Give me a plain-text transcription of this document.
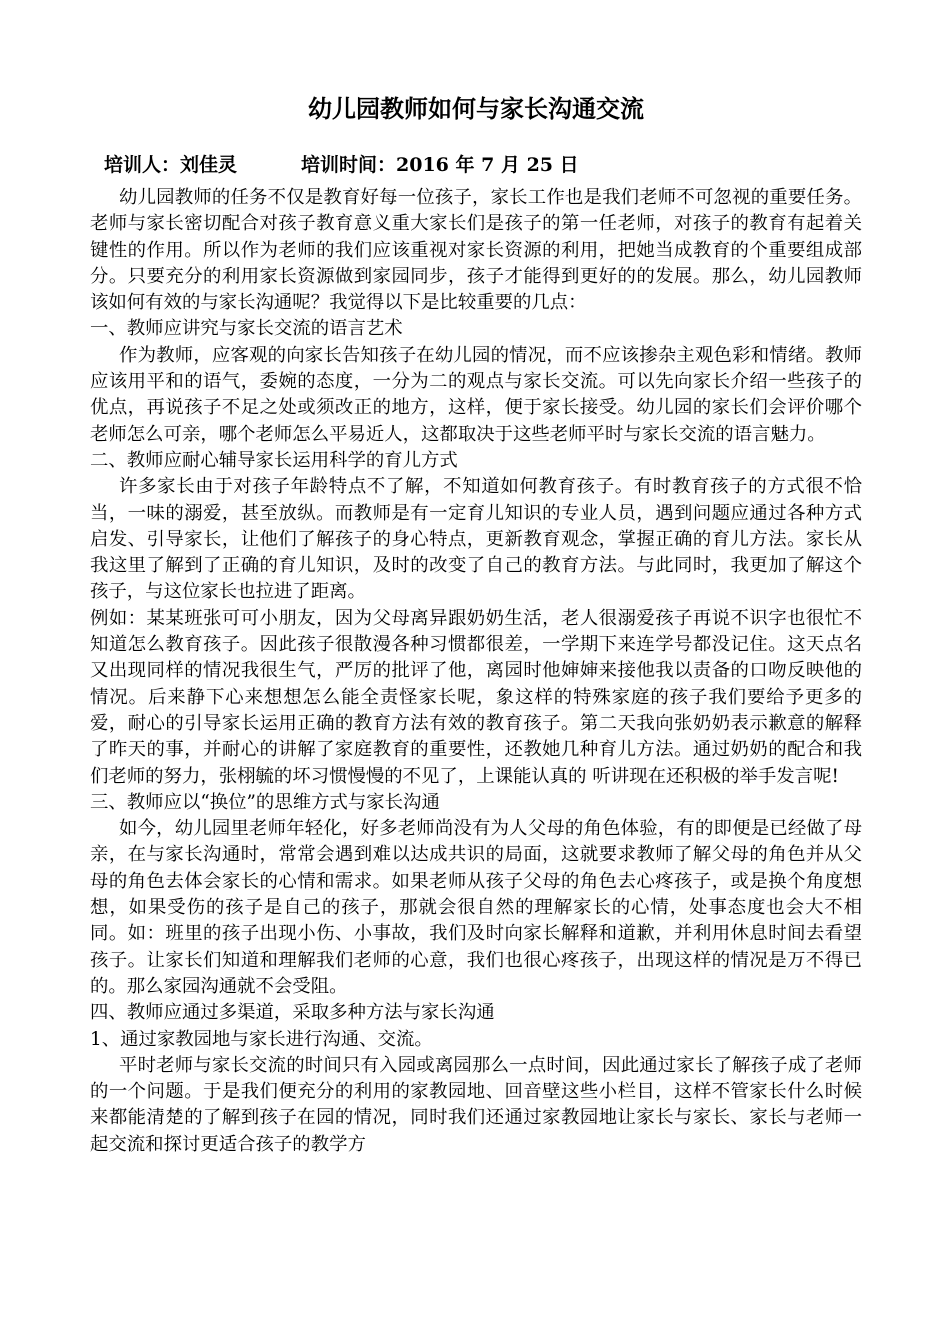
幼儿园教师如何与家长沟通交流
培训人：刘佳灵	培训时间：2016 年 7 月 25 日

幼儿园教师的任务不仅是教育好每一位孩子，家长工作也是我们老师不可忽视的重要任务。老师与家长密切配合对孩子教育意义重大家长们是孩子的第一任老师，对孩子的教育有起着关键性的作用。所以作为老师的我们应该重视对家长资源的利用，把她当成教育的个重要组成部分。只要充分的利用家长资源做到家园同步，孩子才能得到更好的的发展。那么，幼儿园教师该如何有效的与家长沟通呢？我觉得以下是比较重要的几点：

一、教师应讲究与家长交流的语言艺术

作为教师，应客观的向家长告知孩子在幼儿园的情况，而不应该掺杂主观色彩和情绪。教师应该用平和的语气，委婉的态度，一分为二的观点与家长交流。可以先向家长介绍一些孩子的优点，再说孩子不足之处或须改正的地方，这样，便于家长接受。幼儿园的家长们会评价哪个老师怎么可亲，哪个老师怎么平易近人，这都取决于这些老师平时与家长交流的语言魅力。

二、教师应耐心辅导家长运用科学的育儿方式

许多家长由于对孩子年龄特点不了解，不知道如何教育孩子。有时教育孩子的方式很不恰当，一味的溺爱，甚至放纵。而教师是有一定育儿知识的专业人员，遇到问题应通过各种方式启发、引导家长，让他们了解孩子的身心特点，更新教育观念，掌握正确的育儿方法。家长从我这里了解到了正确的育儿知识，及时的改变了自己的教育方法。与此同时，我更加了解这个孩子，与这位家长也拉进了距离。

例如：某某班张可可小朋友，因为父母离异跟奶奶生活，老人很溺爱孩子再说不识字也很忙不知道怎么教育孩子。因此孩子很散漫各种习惯都很差，一学期下来连学号都没记住。这天点名又出现同样的情况我很生气，严厉的批评了他，离园时他婶婶来接他我以责备的口吻反映他的情况。后来静下心来想想怎么能全责怪家长呢，象这样的特殊家庭的孩子我们要给予更多的爱，耐心的引导家长运用正确的教育方法有效的教育孩子。第二天我向张奶奶表示歉意的解释了昨天的事，并耐心的讲解了家庭教育的重要性，还教她几种育儿方法。通过奶奶的配合和我们老师的努力，张栩毓的坏习惯慢慢的不见了，上课能认真的 听讲现在还积极的举手发言呢!

三、教师应以“换位”的思维方式与家长沟通

如今，幼儿园里老师年轻化，好多老师尚没有为人父母的角色体验，有的即便是已经做了母亲，在与家长沟通时，常常会遇到难以达成共识的局面，这就要求教师了解父母的角色并从父母的角色去体会家长的心情和需求。如果老师从孩子父母的角色去心疼孩子，或是换个角度想想，如果受伤的孩子是自己的孩子，那就会很自然的理解家长的心情，处事态度也会大不相同。如：班里的孩子出现小伤、小事故，我们及时向家长解释和道歉，并利用休息时间去看望孩子。让家长们知道和理解我们老师的心意，我们也很心疼孩子，出现这样的情况是万不得已的。那么家园沟通就不会受阻。

四、教师应通过多渠道，采取多种方法与家长沟通

1、通过家教园地与家长进行沟通、交流。

平时老师与家长交流的时间只有入园或离园那么一点时间，因此通过家长了解孩子成了老师的一个问题。于是我们便充分的利用的家教园地、回音壁这些小栏目，这样不管家长什么时候来都能清楚的了解到孩子在园的情况，同时我们还通过家教园地让家长与家长、家长与老师一起交流和探讨更适合孩子的教学方
